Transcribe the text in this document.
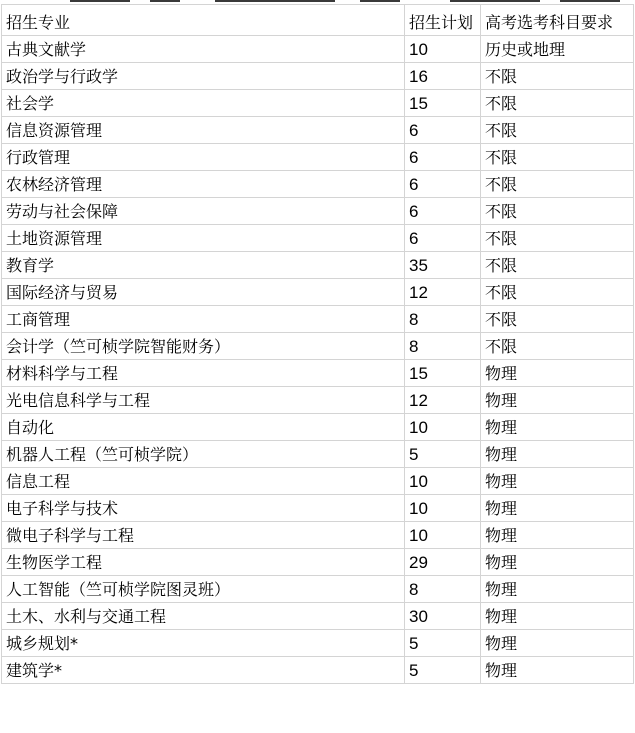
招生专业	招生计划	高考选考科目要求
古典文献学	10	历史或地理
政治学与行政学	16	不限
社会学	15	不限
信息资源管理	6	不限
行政管理	6	不限
农林经济管理	6	不限
劳动与社会保障	6	不限
土地资源管理	6	不限
教育学	35	不限
国际经济与贸易	12	不限
工商管理	8	不限
会计学（竺可桢学院智能财务）	8	不限
材料科学与工程	15	物理
光电信息科学与工程	12	物理
自动化	10	物理
机器人工程（竺可桢学院）	5	物理
信息工程	10	物理
电子科学与技术	10	物理
微电子科学与工程	10	物理
生物医学工程	29	物理
人工智能（竺可桢学院图灵班）	8	物理
土木、水利与交通工程	30	物理
城乡规划*	5	物理
建筑学*	5	物理
